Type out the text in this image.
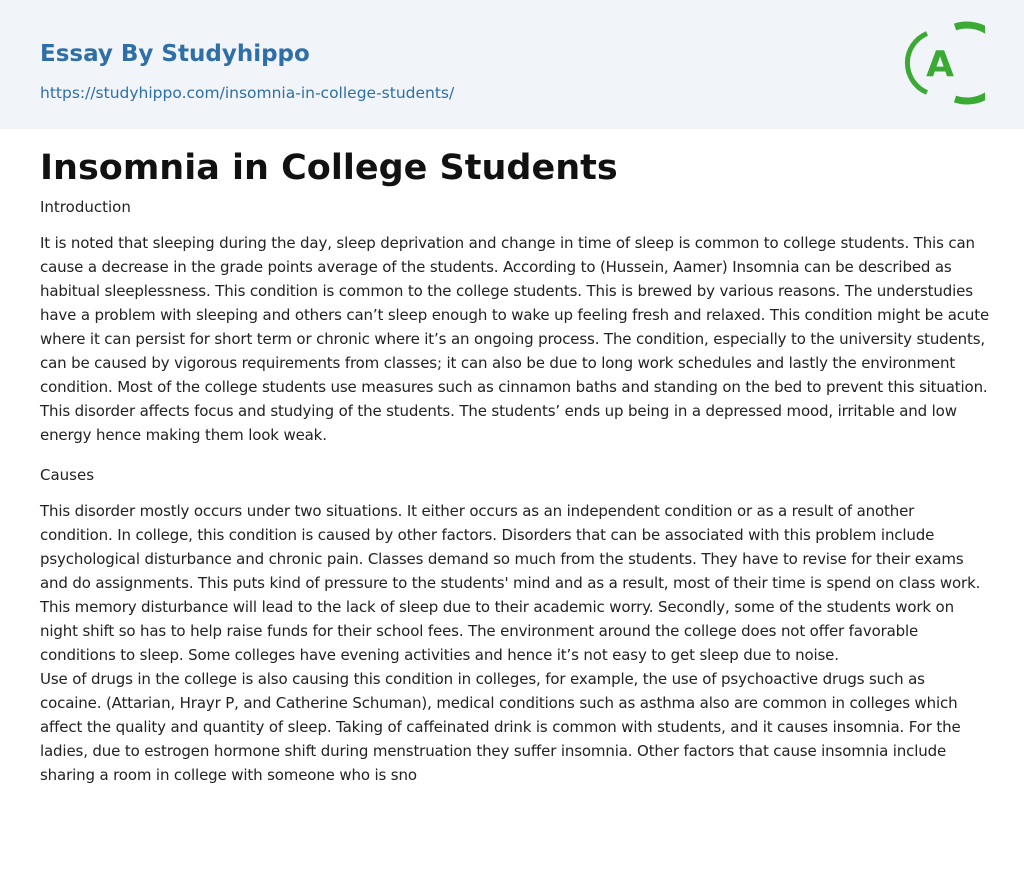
Essay By Studyhippo
https://studyhippo.com/insomnia-in-college-students/
A
Insomnia in College Students

Introduction

It is noted that sleeping during the day, sleep deprivation and change in time of sleep is common to college students. This can cause a decrease in the grade points average of the students. According to (Hussein, Aamer) Insomnia can be described as habitual sleeplessness. This condition is common to the college students. This is brewed by various reasons. The understudies have a problem with sleeping and others can’t sleep enough to wake up feeling fresh and relaxed. This condition might be acute where it can persist for short term or chronic where it’s an ongoing process. The condition, especially to the university students, can be caused by vigorous requirements from classes; it can also be due to long work schedules and lastly the environment condition. Most of the college students use measures such as cinnamon baths and standing on the bed to prevent this situation. This disorder affects focus and studying of the students. The students’ ends up being in a depressed mood, irritable and low energy hence making them look weak.

Causes

This disorder mostly occurs under two situations. It either occurs as an independent condition or as a result of another condition. In college, this condition is caused by other factors. Disorders that can be associated with this problem include psychological disturbance and chronic pain. Classes demand so much from the students. They have to revise for their exams and do assignments. This puts kind of pressure to the students' mind and as a result, most of their time is spend on class work. This memory disturbance will lead to the lack of sleep due to their academic worry. Secondly, some of the students work on night shift so has to help raise funds for their school fees. The environment around the college does not offer favorable conditions to sleep. Some colleges have evening activities and hence it’s not easy to get sleep due to noise.

Use of drugs in the college is also causing this condition in colleges, for example, the use of psychoactive drugs such as cocaine. (Attarian, Hrayr P, and Catherine Schuman), medical conditions such as asthma also are common in colleges which affect the quality and quantity of sleep. Taking of caffeinated drink is common with students, and it causes insomnia. For the ladies, due to estrogen hormone shift during menstruation they suffer insomnia. Other factors that cause insomnia include sharing a room in college with someone who is sno
